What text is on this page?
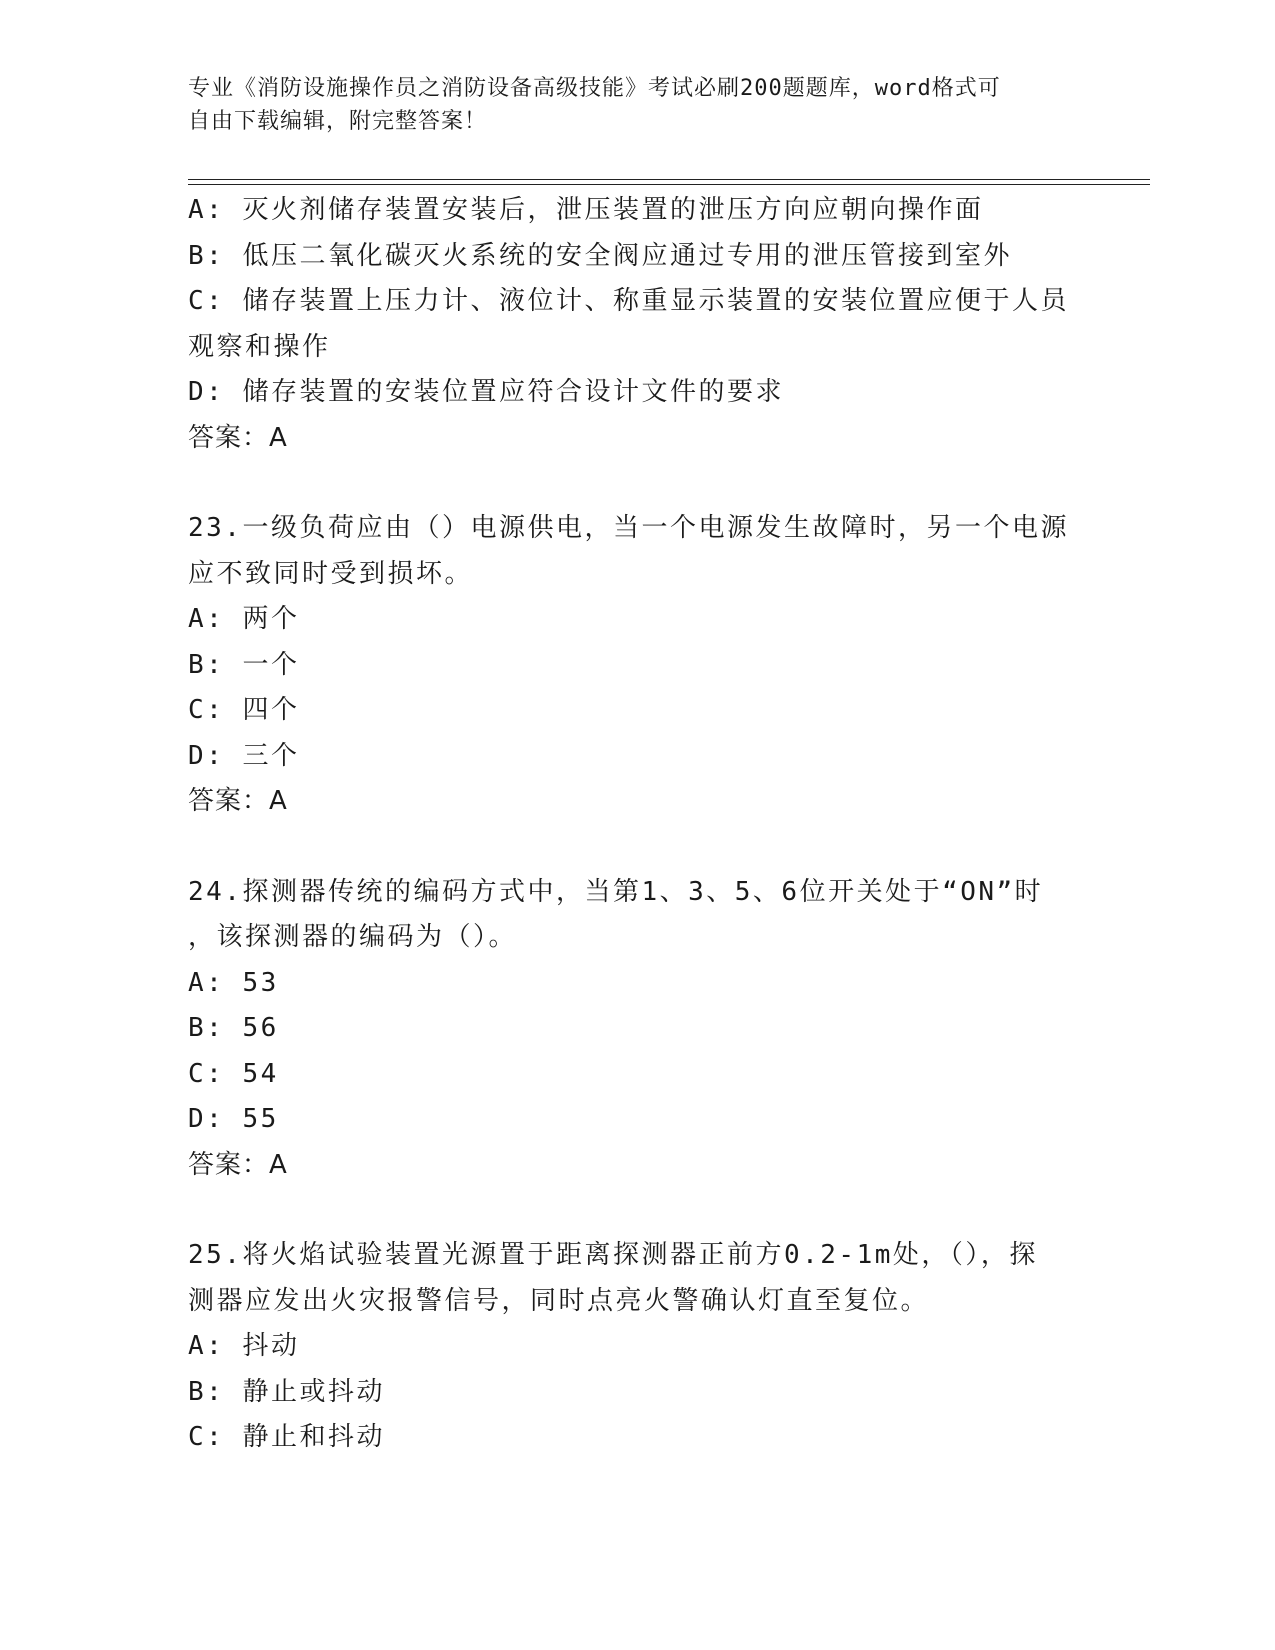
专业《消防设施操作员之消防设备高级技能》考试必刷200题题库，word格式可
自由下载编辑，附完整答案！
A: 灭火剂储存装置安装后，泄压装置的泄压方向应朝向操作面
B: 低压二氧化碳灭火系统的安全阀应通过专用的泄压管接到室外
C: 储存装置上压力计、液位计、称重显示装置的安装位置应便于人员
观察和操作
D: 储存装置的安装位置应符合设计文件的要求
答案：A
23.一级负荷应由（）电源供电，当一个电源发生故障时，另一个电源
应不致同时受到损坏。
A: 两个
B: 一个
C: 四个
D: 三个
答案：A
24.探测器传统的编码方式中，当第1、3、5、6位开关处于“ON”时
，该探测器的编码为（）。
A: 53
B: 56
C: 54
D: 55
答案：A
25.将火焰试验装置光源置于距离探测器正前方0.2-1m处，（），探
测器应发出火灾报警信号，同时点亮火警确认灯直至复位。
A: 抖动
B: 静止或抖动
C: 静止和抖动
